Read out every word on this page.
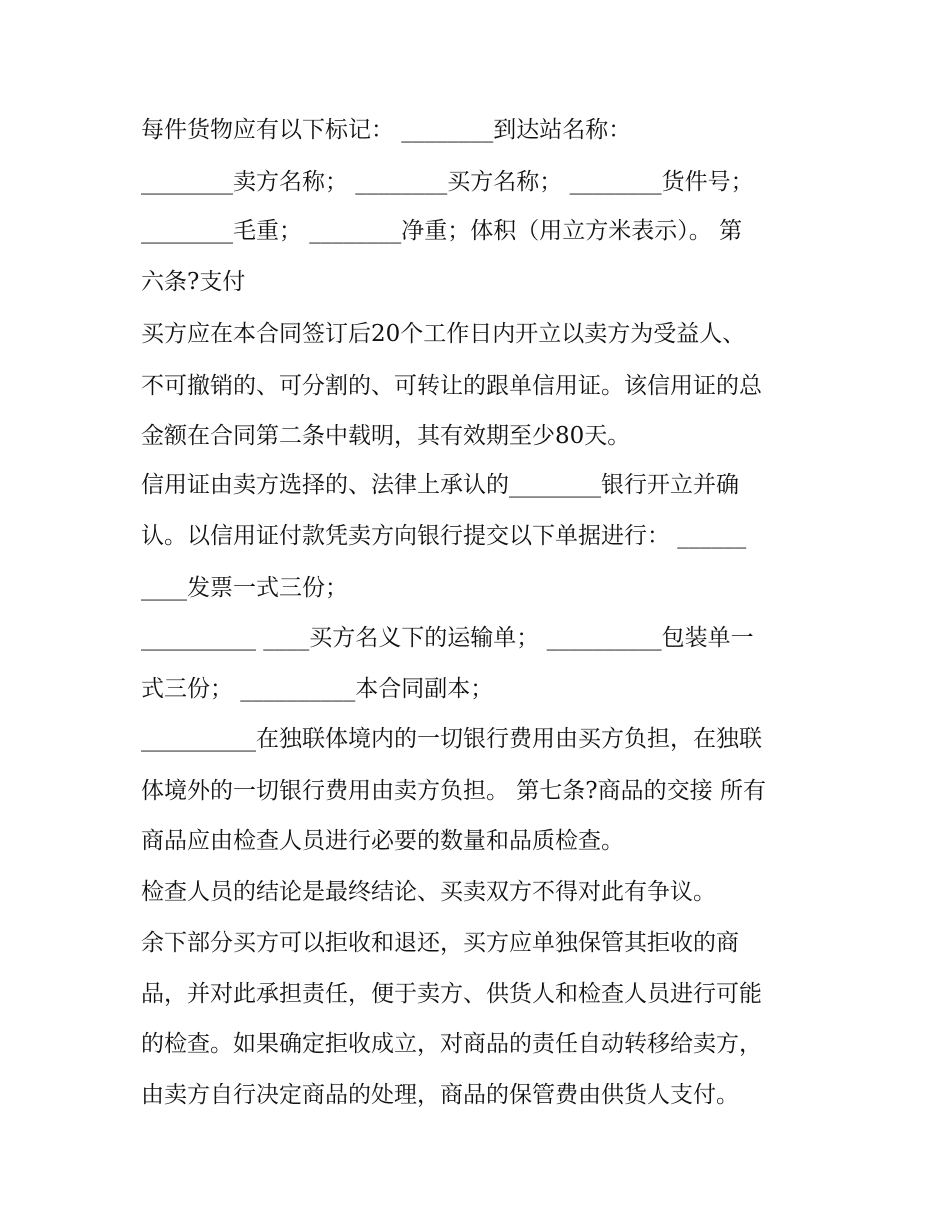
每件货物应有以下标记： ________到达站名称：
________卖方名称； ________买方名称； ________货件号；
________毛重； ________净重；体积（用立方米表示）。 第
六条?支付
买方应在本合同签订后20个工作日内开立以卖方为受益人、
不可撤销的、可分割的、可转让的跟单信用证。该信用证的总
金额在合同第二条中载明，其有效期至少80天。
信用证由卖方选择的、法律上承认的________银行开立并确
认。以信用证付款凭卖方向银行提交以下单据进行： ______
____发票一式三份；
__________ ____买方名义下的运输单； __________包装单一
式三份； __________本合同副本；
__________在独联体境内的一切银行费用由买方负担，在独联
体境外的一切银行费用由卖方负担。 第七条?商品的交接 所有
商品应由检查人员进行必要的数量和品质检查。
检查人员的结论是最终结论、买卖双方不得对此有争议。
余下部分买方可以拒收和退还，买方应单独保管其拒收的商
品，并对此承担责任，便于卖方、供货人和检查人员进行可能
的检查。如果确定拒收成立，对商品的责任自动转移给卖方，
由卖方自行决定商品的处理，商品的保管费由供货人支付。
